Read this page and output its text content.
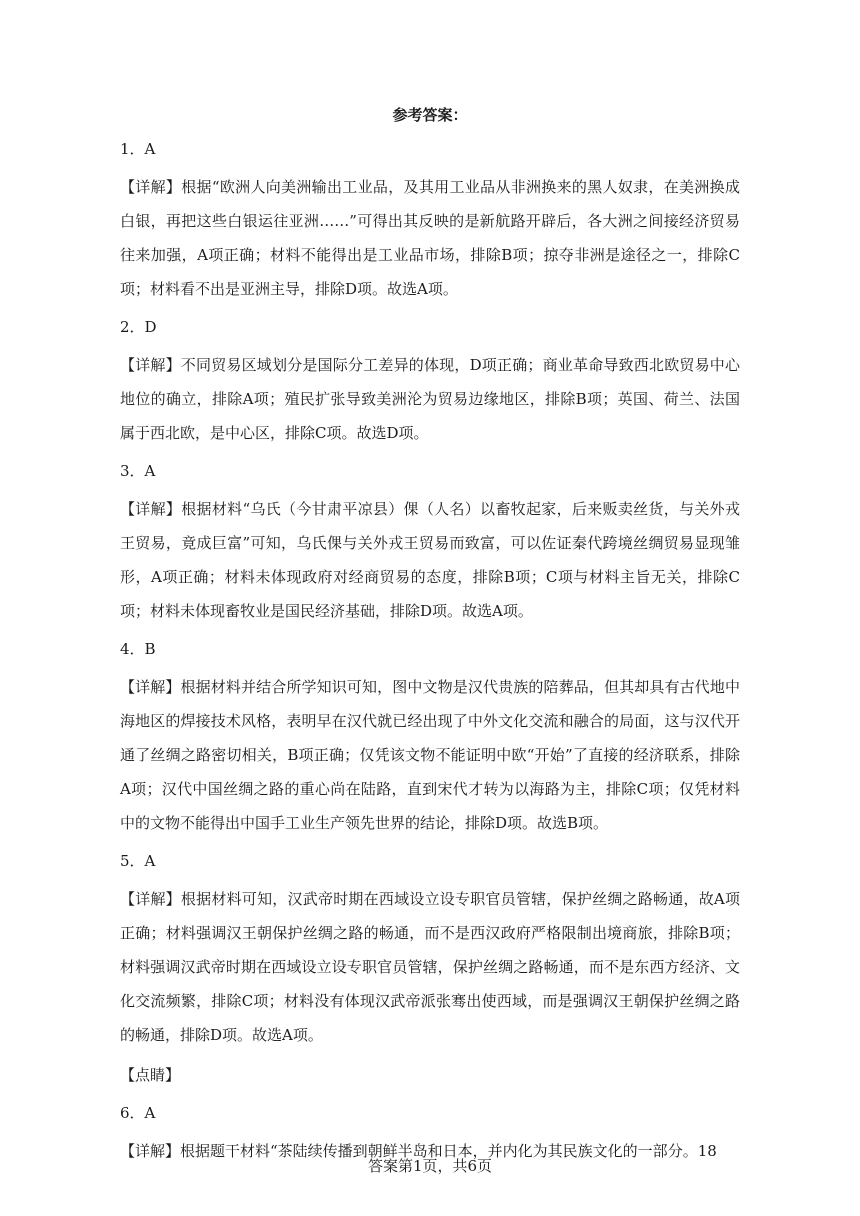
参考答案：
1．A
【详解】根据“欧洲人向美洲输出工业品，及其用工业品从非洲换来的黑人奴隶，在美洲换成白银，再把这些白银运往亚洲……”可得出其反映的是新航路开辟后，各大洲之间接经济贸易往来加强，A项正确；材料不能得出是工业品市场，排除B项；掠夺非洲是途径之一，排除C项；材料看不出是亚洲主导，排除D项。故选A项。
2．D
【详解】不同贸易区域划分是国际分工差异的体现，D项正确；商业革命导致西北欧贸易中心地位的确立，排除A项；殖民扩张导致美洲沦为贸易边缘地区，排除B项；英国、荷兰、法国属于西北欧，是中心区，排除C项。故选D项。
3．A
【详解】根据材料“乌氏（今甘肃平凉县）倮（人名）以畜牧起家，后来贩卖丝货，与关外戎王贸易，竟成巨富”可知，乌氏倮与关外戎王贸易而致富，可以佐证秦代跨境丝绸贸易显现雏形，A项正确；材料未体现政府对经商贸易的态度，排除B项；C项与材料主旨无关，排除C项；材料未体现畜牧业是国民经济基础，排除D项。故选A项。
4．B
【详解】根据材料并结合所学知识可知，图中文物是汉代贵族的陪葬品，但其却具有古代地中海地区的焊接技术风格，表明早在汉代就已经出现了中外文化交流和融合的局面，这与汉代开通了丝绸之路密切相关，B项正确；仅凭该文物不能证明中欧“开始”了直接的经济联系，排除A项；汉代中国丝绸之路的重心尚在陆路，直到宋代才转为以海路为主，排除C项；仅凭材料中的文物不能得出中国手工业生产领先世界的结论，排除D项。故选B项。
5．A
【详解】根据材料可知，汉武帝时期在西域设立设专职官员管辖，保护丝绸之路畅通，故A项正确；材料强调汉王朝保护丝绸之路的畅通，而不是西汉政府严格限制出境商旅，排除B项；材料强调汉武帝时期在西域设立设专职官员管辖，保护丝绸之路畅通，而不是东西方经济、文化交流频繁，排除C项；材料没有体现汉武帝派张骞出使西域，而是强调汉王朝保护丝绸之路的畅通，排除D项。故选A项。
【点睛】
6．A
【详解】根据题干材料“茶陆续传播到朝鲜半岛和日本，并内化为其民族文化的一部分。18
答案第1页，共6页
